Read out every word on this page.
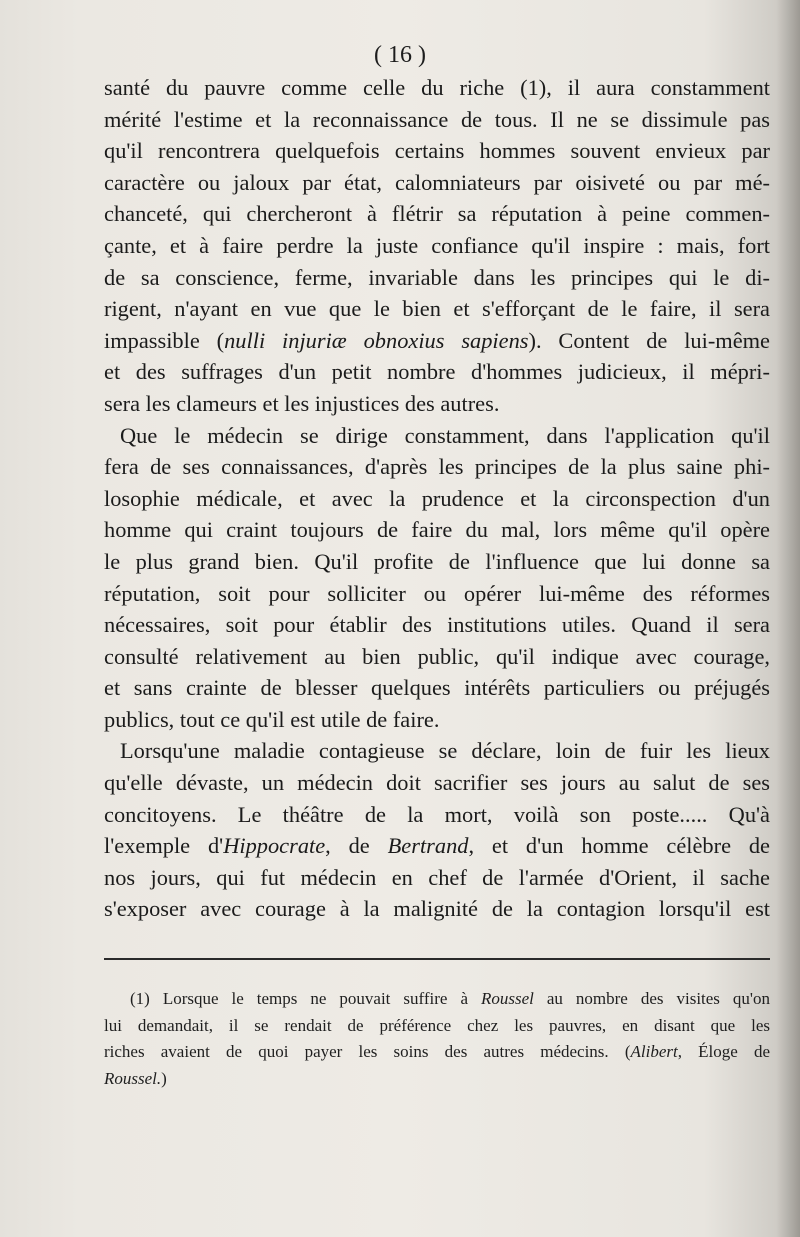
( 16 )
santé du pauvre comme celle du riche (1), il aura constamment
mérité l'estime et la reconnaissance de tous. Il ne se dissimule pas
qu'il rencontrera quelquefois certains hommes souvent envieux par
caractère ou jaloux par état, calomniateurs par oisiveté ou par mé-
chanceté, qui chercheront à flétrir sa réputation à peine commen-
çante, et à faire perdre la juste confiance qu'il inspire : mais, fort
de sa conscience, ferme, invariable dans les principes qui le di-
rigent, n'ayant en vue que le bien et s'efforçant de le faire, il sera
impassible (nulli injuriæ obnoxius sapiens). Content de lui-même
et des suffrages d'un petit nombre d'hommes judicieux, il mépri-
sera les clameurs et les injustices des autres.
Que le médecin se dirige constamment, dans l'application qu'il
fera de ses connaissances, d'après les principes de la plus saine phi-
losophie médicale, et avec la prudence et la circonspection d'un
homme qui craint toujours de faire du mal, lors même qu'il opère
le plus grand bien. Qu'il profite de l'influence que lui donne sa
réputation, soit pour solliciter ou opérer lui-même des réformes
nécessaires, soit pour établir des institutions utiles. Quand il sera
consulté relativement au bien public, qu'il indique avec courage,
et sans crainte de blesser quelques intérêts particuliers ou préjugés
publics, tout ce qu'il est utile de faire.
Lorsqu'une maladie contagieuse se déclare, loin de fuir les lieux
qu'elle dévaste, un médecin doit sacrifier ses jours au salut de ses
concitoyens. Le théâtre de la mort, voilà son poste..... Qu'à
l'exemple d'Hippocrate, de Bertrand, et d'un homme célèbre de
nos jours, qui fut médecin en chef de l'armée d'Orient, il sache
s'exposer avec courage à la malignité de la contagion lorsqu'il est
(1) Lorsque le temps ne pouvait suffire à Roussel au nombre des visites qu'on
lui demandait, il se rendait de préférence chez les pauvres, en disant que les
riches avaient de quoi payer les soins des autres médecins. (Alibert, Éloge de
Roussel.)
